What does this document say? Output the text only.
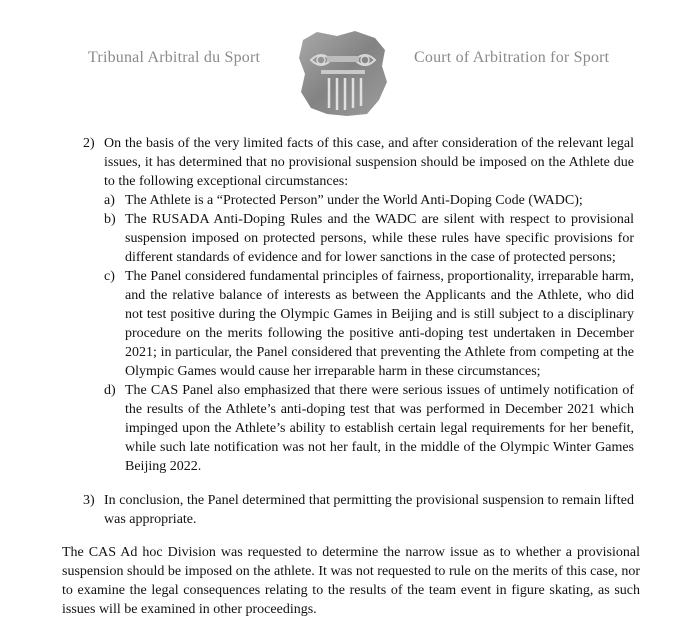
Tribunal Arbitral du Sport	Court of Arbitration for Sport
2) On the basis of the very limited facts of this case, and after consideration of the relevant legal issues, it has determined that no provisional suspension should be imposed on the Athlete due to the following exceptional circumstances:
a) The Athlete is a “Protected Person” under the World Anti-Doping Code (WADC);
b) The RUSADA Anti-Doping Rules and the WADC are silent with respect to provisional suspension imposed on protected persons, while these rules have specific provisions for different standards of evidence and for lower sanctions in the case of protected persons;
c) The Panel considered fundamental principles of fairness, proportionality, irreparable harm, and the relative balance of interests as between the Applicants and the Athlete, who did not test positive during the Olympic Games in Beijing and is still subject to a disciplinary procedure on the merits following the positive anti-doping test undertaken in December 2021; in particular, the Panel considered that preventing the Athlete from competing at the Olympic Games would cause her irreparable harm in these circumstances;
d) The CAS Panel also emphasized that there were serious issues of untimely notification of the results of the Athlete’s anti-doping test that was performed in December 2021 which impinged upon the Athlete’s ability to establish certain legal requirements for her benefit, while such late notification was not her fault, in the middle of the Olympic Winter Games Beijing 2022.
3) In conclusion, the Panel determined that permitting the provisional suspension to remain lifted was appropriate.
The CAS Ad hoc Division was requested to determine the narrow issue as to whether a provisional suspension should be imposed on the athlete. It was not requested to rule on the merits of this case, nor to examine the legal consequences relating to the results of the team event in figure skating, as such issues will be examined in other proceedings.
